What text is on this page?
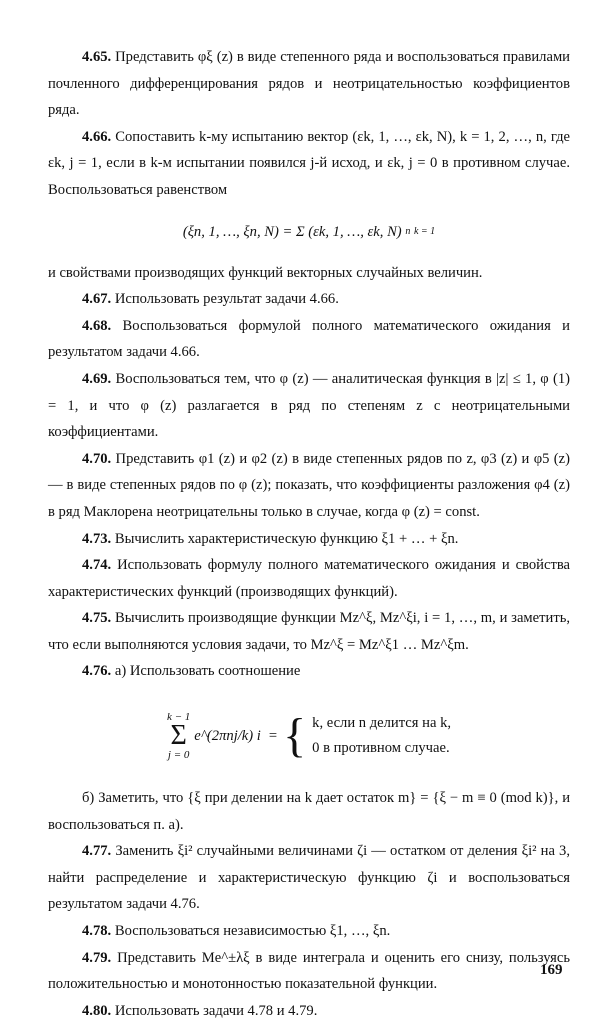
4.65. Представить φξ (z) в виде степенного ряда и воспользоваться правилами почленного дифференцирования рядов и неотрицательностью коэффициентов ряда.

4.66. Сопоставить k-му испытанию вектор (εk, 1, …, εk, N), k = 1, 2, …, n, где εk, j = 1, если в k-м испытании появился j-й исход, и εk, j = 0 в противном случае. Воспользоваться равенством

(ξn, 1, …, ξn, N) = Σ (εk, 1, …, εk, N) $^n$ k = 1

и свойствами производящих функций векторных случайных величин.

4.67. Использовать результат задачи 4.66.

4.68. Воспользоваться формулой полного математического ожидания и результатом задачи 4.66.

4.69. Воспользоваться тем, что φ (z) — аналитическая функция в |z| ≤ 1, φ (1) = 1, и что φ (z) разлагается в ряд по степеням z с неотрицательными коэффициентами.

4.70. Представить φ1 (z) и φ2 (z) в виде степенных рядов по z, φ3 (z) и φ5 (z) — в виде степенных рядов по φ (z); показать, что коэффициенты разложения φ4 (z) в ряд Маклорена неотрицательны только в случае, когда φ (z) = const.

4.73. Вычислить характеристическую функцию ξ1 + … + ξn.

4.74. Использовать формулу полного математического ожидания и свойства характеристических функций (производящих функций).

4.75. Вычислить производящие функции Mz^ξ, Mz^ξi, i = 1, …, m, и заметить, что если выполняются условия задачи, то Mz^ξ = Mz^ξ1 … Mz^ξm.

4.76. а) Использовать соотношение

k − 1
Σ
j = 0
e^(2πnj/k) i = { k, если n делится на k,
0 в противном случае.

б) Заметить, что {ξ при делении на k дает остаток m} = {ξ − m ≡ 0 (mod k)}, и воспользоваться п. а).

4.77. Заменить ξi² случайными величинами ζi — остатком от деления ξi² на 3, найти распределение и характеристическую функцию ζi и воспользоваться результатом задачи 4.76.

4.78. Воспользоваться независимостью ξ1, …, ξn.

4.79. Представить Me^±λξ в виде интеграла и оценить его снизу, пользуясь положительностью и монотонностью показательной функции.

4.80. Использовать задачи 4.78 и 4.79.

169
